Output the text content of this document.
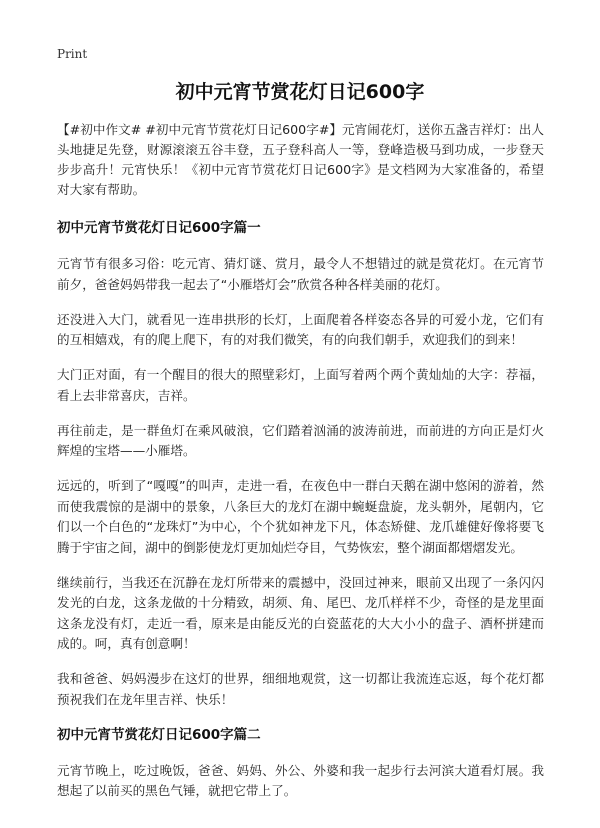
Print
初中元宵节赏花灯日记600字

【#初中作文# #初中元宵节赏花灯日记600字#】元宵闹花灯，送你五盏吉祥灯：出人头地捷足先登，财源滚滚五谷丰登，五子登科高人一等，登峰造极马到功成，一步登天步步高升！元宵快乐！《初中元宵节赏花灯日记600字》是文档网为大家准备的，希望对大家有帮助。

初中元宵节赏花灯日记600字篇一

元宵节有很多习俗：吃元宵、猜灯谜、赏月，最令人不想错过的就是赏花灯。在元宵节前夕，爸爸妈妈带我一起去了“小雁塔灯会”欣赏各种各样美丽的花灯。

还没进入大门，就看见一连串拱形的长灯，上面爬着各样姿态各异的可爱小龙，它们有的互相嬉戏，有的爬上爬下，有的对我们微笑，有的向我们朝手，欢迎我们的到来！

大门正对面，有一个醒目的很大的照壁彩灯，上面写着两个两个黄灿灿的大字：荐福，看上去非常喜庆，吉祥。

再往前走，是一群鱼灯在乘风破浪，它们踏着汹涌的波涛前进，而前进的方向正是灯火辉煌的宝塔——小雁塔。

远远的，听到了“嘎嘎”的叫声，走进一看，在夜色中一群白天鹅在湖中悠闲的游着，然而使我震惊的是湖中的景象，八条巨大的龙灯在湖中蜿蜒盘旋，龙头朝外，尾朝内，它们以一个白色的“龙珠灯”为中心，个个犹如神龙下凡，体态矫健、龙爪雄健好像将要飞腾于宇宙之间，湖中的倒影使龙灯更加灿烂夺目，气势恢宏，整个湖面都熠熠发光。

继续前行，当我还在沉静在龙灯所带来的震撼中，没回过神来，眼前又出现了一条闪闪发光的白龙，这条龙做的十分精致，胡须、角、尾巴、龙爪样样不少，奇怪的是龙里面这条龙没有灯，走近一看，原来是由能反光的白瓷蓝花的大大小小的盘子、酒杯拼建而成的。呵，真有创意啊！

我和爸爸、妈妈漫步在这灯的世界，细细地观赏，这一切都让我流连忘返，每个花灯都预祝我们在龙年里吉祥、快乐！

初中元宵节赏花灯日记600字篇二

元宵节晚上，吃过晚饭，爸爸、妈妈、外公、外婆和我一起步行去河滨大道看灯展。我想起了以前买的黑色气锤，就把它带上了。
